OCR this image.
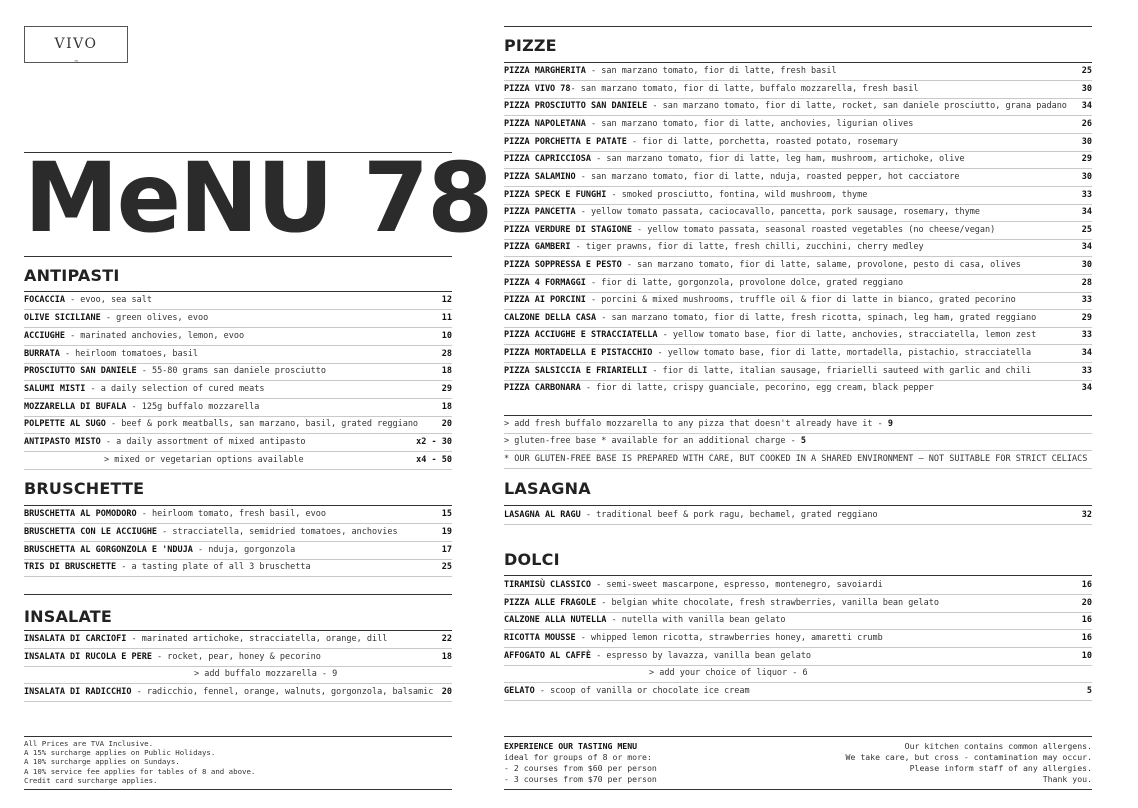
VIVO
78
MeNU 78
ANTIPASTI
FOCACCIA - evoo, sea salt	12
OLIVE SICILIANE - green olives, evoo	11
ACCIUGHE - marinated anchovies, lemon, evoo	10
BURRATA - heirloom tomatoes, basil	28
PROSCIUTTO SAN DANIELE - 55-80 grams san daniele prosciutto	18
SALUMI MISTI - a daily selection of cured meats	29
MOZZARELLA DI BUFALA - 125g buffalo mozzarella	18
POLPETTE AL SUGO - beef & pork meatballs, san marzano, basil, grated reggiano	20
ANTIPASTO MISTO - a daily assortment of mixed antipasto	x2 - 30
> mixed or vegetarian options available	x4 - 50
BRUSCHETTE
BRUSCHETTA AL POMODORO - heirloom tomato, fresh basil, evoo	15
BRUSCHETTA CON LE ACCIUGHE - stracciatella, semidried tomatoes, anchovies	19
BRUSCHETTA AL GORGONZOLA E 'NDUJA - nduja, gorgonzola	17
TRIS DI BRUSCHETTE - a tasting plate of all 3 bruschetta	25
INSALATE
INSALATA DI CARCIOFI - marinated artichoke, stracciatella, orange, dill	22
INSALATA DI RUCOLA E PERE - rocket, pear, honey & pecorino	18
> add buffalo mozzarella - 9
INSALATA DI RADICCHIO - radicchio, fennel, orange, walnuts, gorgonzola, balsamic 20
All Prices are TVA Inclusive.
A 15% surcharge applies on Public Holidays.
A 10% surcharge applies on Sundays.
A 10% service fee applies for tables of 8 and above.
Credit card surcharge applies.
PIZZE
PIZZA MARGHERITA - san marzano tomato, fior di latte, fresh basil	25
PIZZA VIVO 78- san marzano tomato, fior di latte, buffalo mozzarella, fresh basil	30
PIZZA PROSCIUTTO SAN DANIELE - san marzano tomato, fior di latte, rocket, san daniele prosciutto, grana padano 34
PIZZA NAPOLETANA - san marzano tomato, fior di latte, anchovies, ligurian olives	26
PIZZA PORCHETTA E PATATE - fior di latte, porchetta, roasted potato, rosemary	30
PIZZA CAPRICCIOSA - san marzano tomato, fior di latte, leg ham, mushroom, artichoke, olive	29
PIZZA SALAMINO - san marzano tomato, fior di latte, nduja, roasted pepper, hot cacciatore	30
PIZZA SPECK E FUNGHI - smoked prosciutto, fontina, wild mushroom, thyme	33
PIZZA PANCETTA - yellow tomato passata, caciocavallo, pancetta, pork sausage, rosemary, thyme	34
PIZZA VERDURE DI STAGIONE - yellow tomato passata, seasonal roasted vegetables (no cheese/vegan)	25
PIZZA GAMBERI - tiger prawns, fior di latte, fresh chilli, zucchini, cherry medley	34
PIZZA SOPPRESSA E PESTO - san marzano tomato, fior di latte, salame, provolone, pesto di casa, olives	30
PIZZA 4 FORMAGGI - fior di latte, gorgonzola, provolone dolce, grated reggiano	28
PIZZA AI PORCINI - porcini & mixed mushrooms, truffle oil & fior di latte in bianco, grated pecorino	33
CALZONE DELLA CASA - san marzano tomato, fior di latte, fresh ricotta, spinach, leg ham, grated reggiano	29
PIZZA ACCIUGHE E STRACCIATELLA - yellow tomato base, fior di latte, anchovies, stracciatella, lemon zest	33
PIZZA MORTADELLA E PISTACCHIO - yellow tomato base, fior di latte, mortadella, pistachio, stracciatella	34
PIZZA SALSICCIA E FRIARIELLI - fior di latte, italian sausage, friarielli sauteed with garlic and chili	33
PIZZA CARBONARA - fior di latte, crispy guanciale, pecorino, egg cream, black pepper	34
> add fresh buffalo mozzarella to any pizza that doesn't already have it - 9
> gluten-free base * available for an additional charge - 5
* OUR GLUTEN-FREE BASE IS PREPARED WITH CARE, BUT COOKED IN A SHARED ENVIRONMENT — NOT SUITABLE FOR STRICT CELIACS
LASAGNA
LASAGNA AL RAGU - traditional beef & pork ragu, bechamel, grated reggiano	32
DOLCI
TIRAMISÙ CLASSICO - semi-sweet mascarpone, espresso, montenegro, savoiardi	16
PIZZA ALLE FRAGOLE - belgian white chocolate, fresh strawberries, vanilla bean gelato	20
CALZONE ALLA NUTELLA - nutella with vanilla bean gelato	16
RICOTTA MOUSSE - whipped lemon ricotta, strawberries honey, amaretti crumb	16
AFFOGATO AL CAFFÈ - espresso by lavazza, vanilla bean gelato	10
> add your choice of liquor - 6
GELATO - scoop of vanilla or chocolate ice cream	5
EXPERIENCE OUR TASTING MENU
ideal for groups of 8 or more:
- 2 courses from $60 per person
- 3 courses from $70 per person
Our kitchen contains common allergens.
We take care, but cross - contamination may occur.
Please inform staff of any allergies.
Thank you.
